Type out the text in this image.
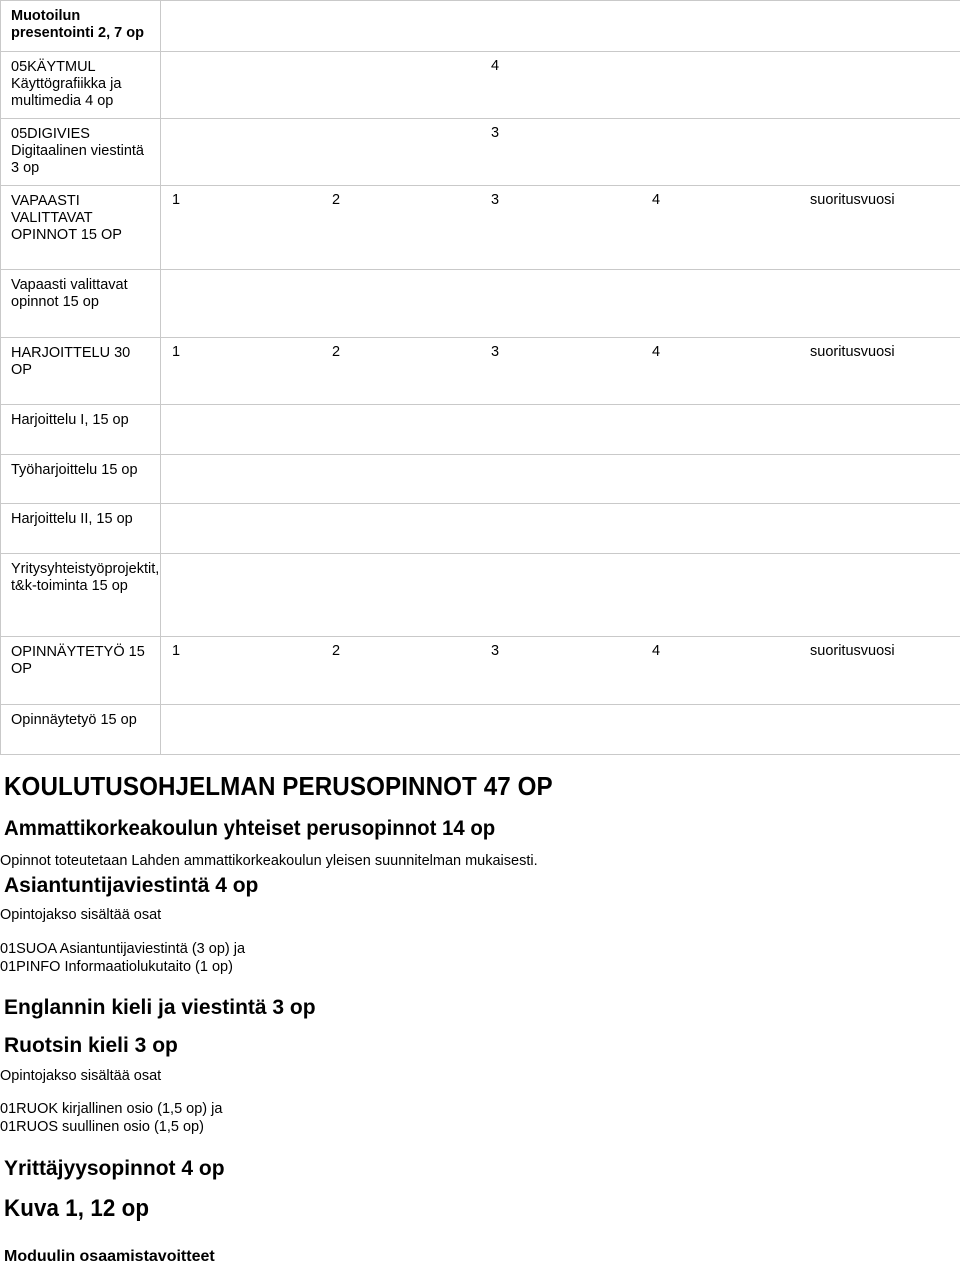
Muotoilun presentointi 2, 7 op	
05KÄYTMUL Käyttögrafiikka ja multimedia 4 op	4

05DIGIVIES Digitaalinen viestintä 3 op	3

VAPAASTI VALITTAVAT OPINNOT 15 OP	1 2 3 4 suoritusvuosi

Vapaasti valittavat opinnot 15 op	
HARJOITTELU 30 OP	1 2 3 4 suoritusvuosi

Harjoittelu I, 15 op	
Työharjoittelu 15 op	
Harjoittelu II, 15 op	
Yritysyhteistyöprojektit, t&k-toiminta 15 op	
OPINNÄYTETYÖ 15 OP	1 2 3 4 suoritusvuosi

Opinnäytetyö 15 op	
KOULUTUSOHJELMAN PERUSOPINNOT 47 OP
Ammattikorkeakoulun yhteiset perusopinnot 14 op
Opinnot toteutetaan Lahden ammattikorkeakoulun yleisen suunnitelman mukaisesti.
Asiantuntijaviestintä 4 op
Opintojakso sisältää osat
01SUOA Asiantuntijaviestintä (3 op) ja
01PINFO Informaatiolukutaito (1 op)
Englannin kieli ja viestintä 3 op
Ruotsin kieli 3 op
Opintojakso sisältää osat
01RUOK kirjallinen osio (1,5 op) ja
01RUOS suullinen osio (1,5 op)
Yrittäjyysopinnot 4 op
Kuva 1, 12 op
Moduulin osaamistavoitteet
